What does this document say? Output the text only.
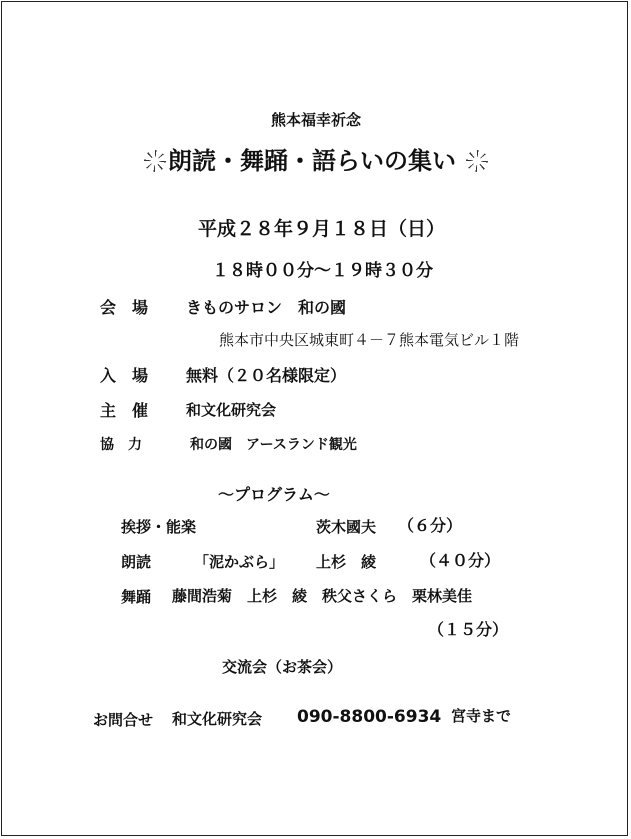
熊本福幸祈念
朗読・舞踊・語らいの集い
平成２８年９月１８日（日）
１８時００分～１９時３０分
会　場 きものサロン　和の國
熊本市中央区城東町４－７熊本電気ビル１階
入　場 無料（２０名様限定）
主　催	和文化研究会
協　力	和の國　アースランド観光
～プログラム～
挨拶・能楽	茨木國夫 （６分）
朗読	「泥かぶら」 上杉　綾	（４０分）
舞踊 藤間浩菊　上杉　綾　秩父さくら　栗林美佳
（１５分）
交流会（お茶会）
お問合せ 和文化研究会 090-8800-6934 宮寺まで
